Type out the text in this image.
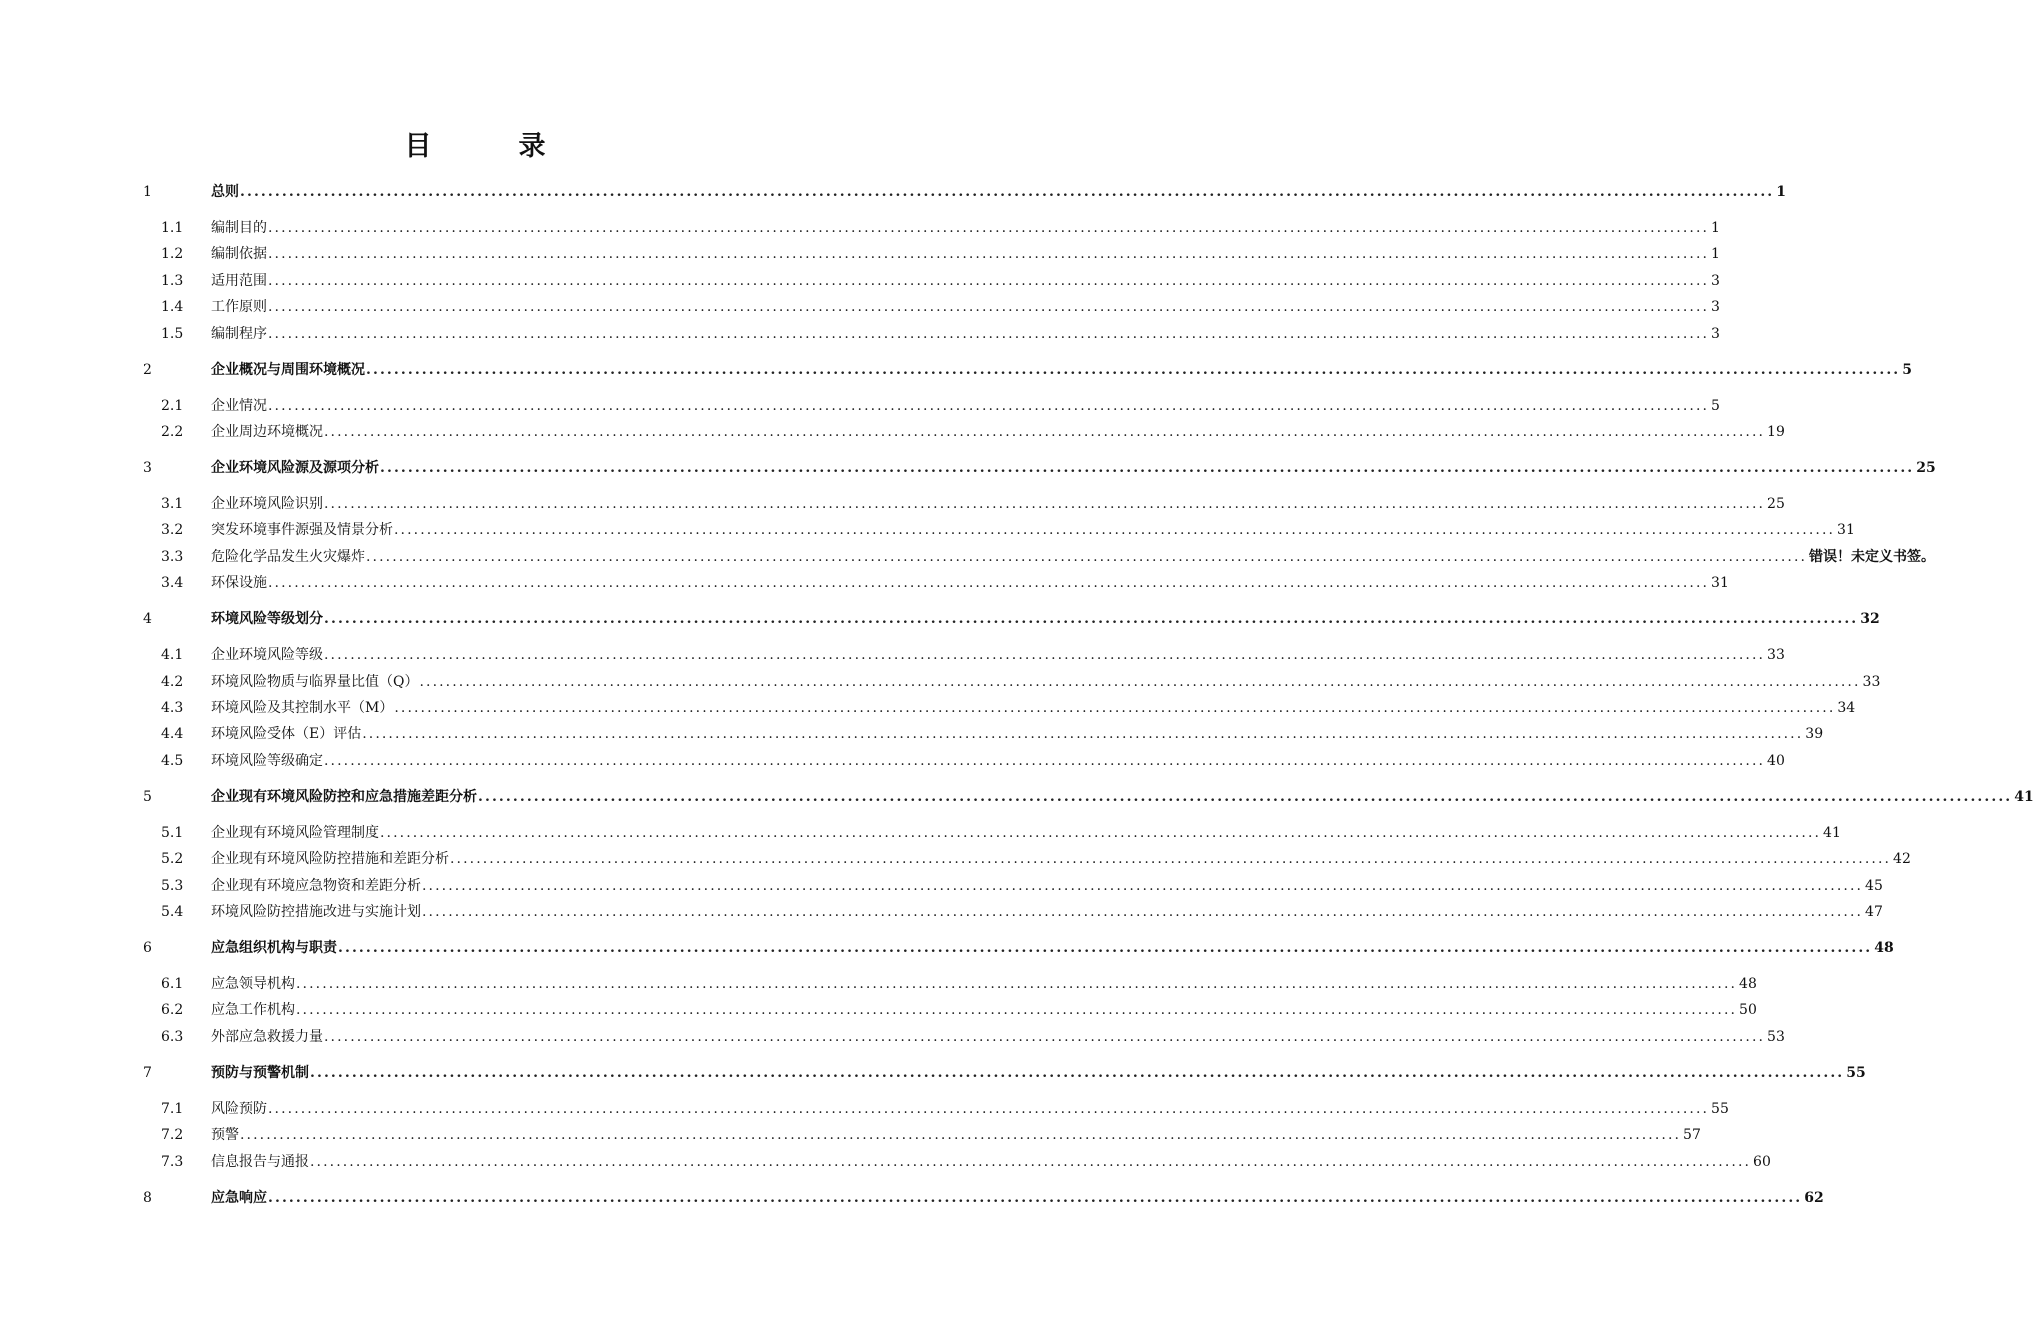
目　录
1	总则 ............................................................................................................................................................................................................................ 1
1.1 编制目的 ............................................................................................................................................................................................................................ 1
1.2 编制依据 ............................................................................................................................................................................................................................ 1
1.3 适用范围 ............................................................................................................................................................................................................................ 3
1.4 工作原则 ............................................................................................................................................................................................................................ 3
1.5 编制程序 ............................................................................................................................................................................................................................ 3
2	企业概况与周围环境概况 ............................................................................................................................................................................................................................ 5
2.1 企业情况 ............................................................................................................................................................................................................................ 5
2.2 企业周边环境概况 ............................................................................................................................................................................................................................ 19
3	企业环境风险源及源项分析 ............................................................................................................................................................................................................................ 25
3.1 企业环境风险识别 ............................................................................................................................................................................................................................ 25
3.2 突发环境事件源强及情景分析 ............................................................................................................................................................................................................................ 31
3.3 危险化学品发生火灾爆炸 ............................................................................................................................................................................................................................ 错误！未定义书签。
3.4 环保设施 ............................................................................................................................................................................................................................ 31
4	环境风险等级划分 ............................................................................................................................................................................................................................ 32
4.1 企业环境风险等级 ............................................................................................................................................................................................................................ 33
4.2 环境风险物质与临界量比值（Q） ............................................................................................................................................................................................................................ 33
4.3 环境风险及其控制水平（M） ............................................................................................................................................................................................................................ 34
4.4 环境风险受体（E）评估 ............................................................................................................................................................................................................................ 39
4.5 环境风险等级确定 ............................................................................................................................................................................................................................ 40
5	企业现有环境风险防控和应急措施差距分析 ............................................................................................................................................................................................................................ 41
5.1 企业现有环境风险管理制度 ............................................................................................................................................................................................................................ 41
5.2 企业现有环境风险防控措施和差距分析 ............................................................................................................................................................................................................................ 42
5.3 企业现有环境应急物资和差距分析 ............................................................................................................................................................................................................................ 45
5.4 环境风险防控措施改进与实施计划 ............................................................................................................................................................................................................................ 47
6	应急组织机构与职责 ............................................................................................................................................................................................................................ 48
6.1 应急领导机构 ............................................................................................................................................................................................................................ 48
6.2 应急工作机构 ............................................................................................................................................................................................................................ 50
6.3 外部应急救援力量 ............................................................................................................................................................................................................................ 53
7	预防与预警机制 ............................................................................................................................................................................................................................ 55
7.1 风险预防 ............................................................................................................................................................................................................................ 55
7.2 预警 ............................................................................................................................................................................................................................ 57
7.3 信息报告与通报 ............................................................................................................................................................................................................................ 60
8	应急响应 ............................................................................................................................................................................................................................ 62
